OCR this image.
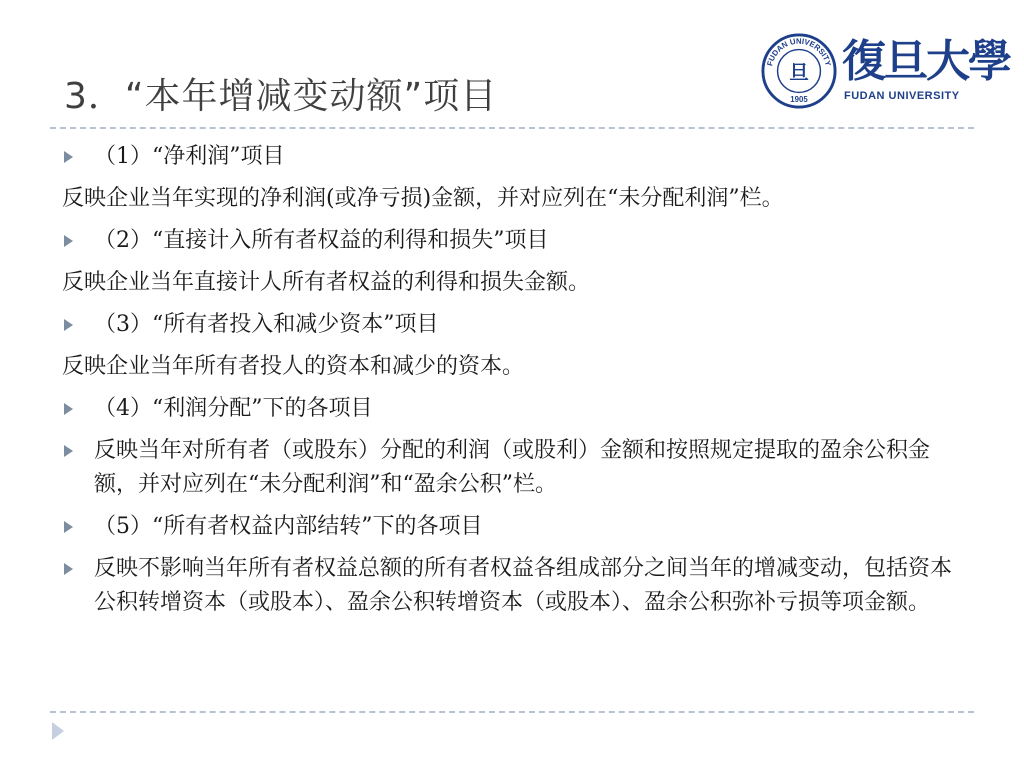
3．“本年增减变动额”项目
FUDAN UNIVERSITY
旦
1905
復旦大學
FUDAN UNIVERSITY
（1）“净利润”项目
反映企业当年实现的净利润(或净亏损)金额，并对应列在“未分配利润”栏。
（2）“直接计入所有者权益的利得和损失”项目
反映企业当年直接计人所有者权益的利得和损失金额。
（3）“所有者投入和减少资本”项目
反映企业当年所有者投人的资本和减少的资本。
（4）“利润分配”下的各项目
反映当年对所有者（或股东）分配的利润（或股利）金额和按照规定提取的盈余公积金额，并对应列在“未分配利润”和“盈余公积”栏。
（5）“所有者权益内部结转”下的各项目
反映不影响当年所有者权益总额的所有者权益各组成部分之间当年的增减变动，包括资本公积转增资本（或股本）、盈余公积转增资本（或股本）、盈余公积弥补亏损等项金额。
